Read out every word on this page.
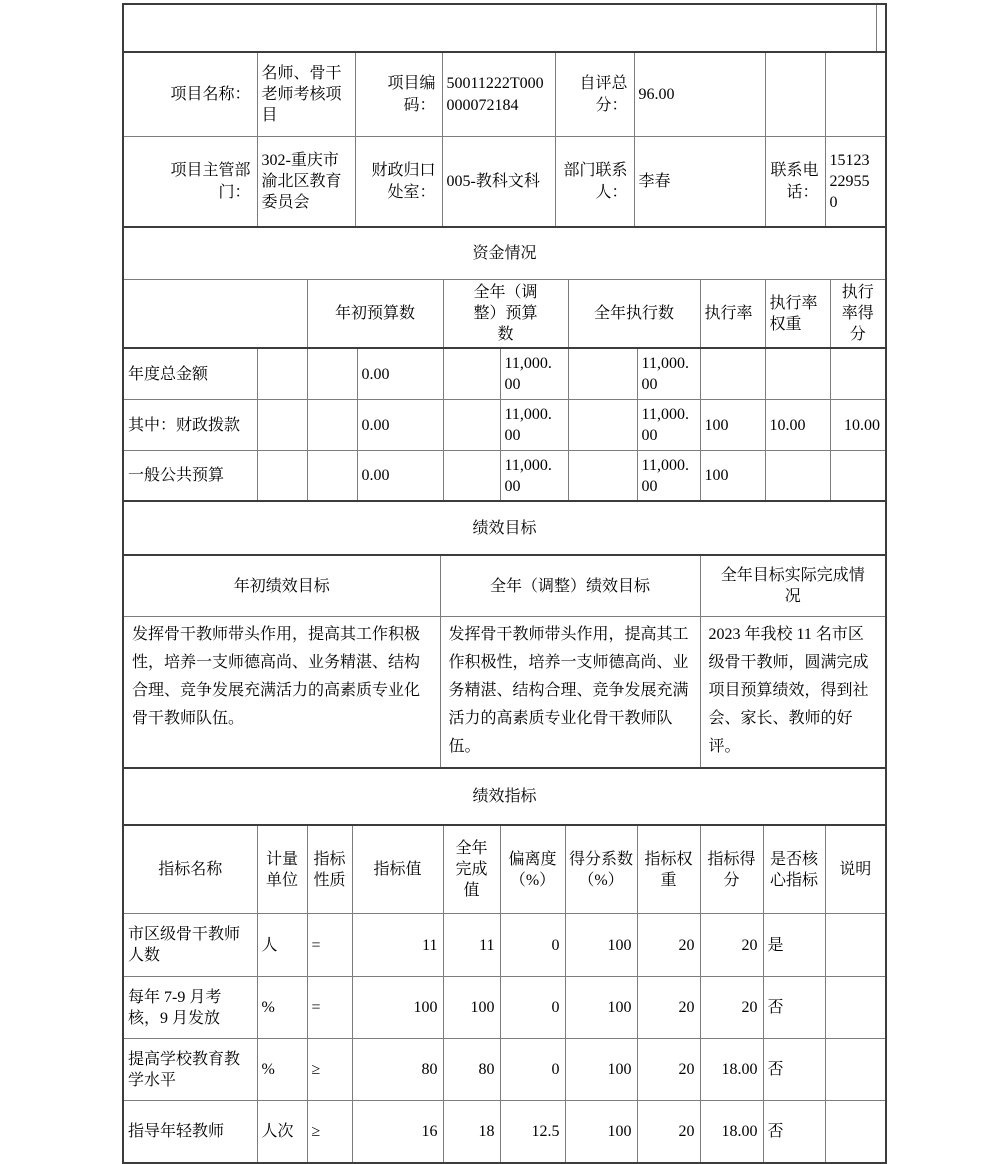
项目名称：	名师、骨干老师考核项目	项目编码：	50011222T000000072184	自评总分：	96.00		
项目主管部门：	302-重庆市渝北区教育委员会	财政归口处室：	005-教科文科	部门联系人：	李春	联系电话：	15123229550
资金情况
		年初预算数		全年（调整）预算数		全年执行数		执行率	执行率权重	执行率得分
年度总金额			0.00		11,000.00		11,000.00			
其中：财政拨款			0.00		11,000.00		11,000.00	100	10.00	10.00
一般公共预算			0.00		11,000.00		11,000.00	100		
绩效目标
年初绩效目标	全年（调整）绩效目标	全年目标实际完成情况
发挥骨干教师带头作用，提高其工作积极性，培养一支师德高尚、业务精湛、结构合理、竞争发展充满活力的高素质专业化骨干教师队伍。	发挥骨干教师带头作用，提高其工作积极性，培养一支师德高尚、业务精湛、结构合理、竞争发展充满活力的高素质专业化骨干教师队伍。	2023 年我校 11 名市区级骨干教师，圆满完成项目预算绩效，得到社会、家长、教师的好评。
绩效指标
指标名称	计量单位	指标性质	指标值	全年完成值	偏离度（%）	得分系数（%）	指标权重	指标得分	是否核心指标	说明
市区级骨干教师人数	人	=	11	11	0	100	20	20	是	
每年 7-9 月考核，9 月发放	%	=	100	100	0	100	20	20	否	
提高学校教育教学水平	%	≥	80	80	0	100	20	18.00	否	
指导年轻教师	人次	≥	16	18	12.5	100	20	18.00	否	
